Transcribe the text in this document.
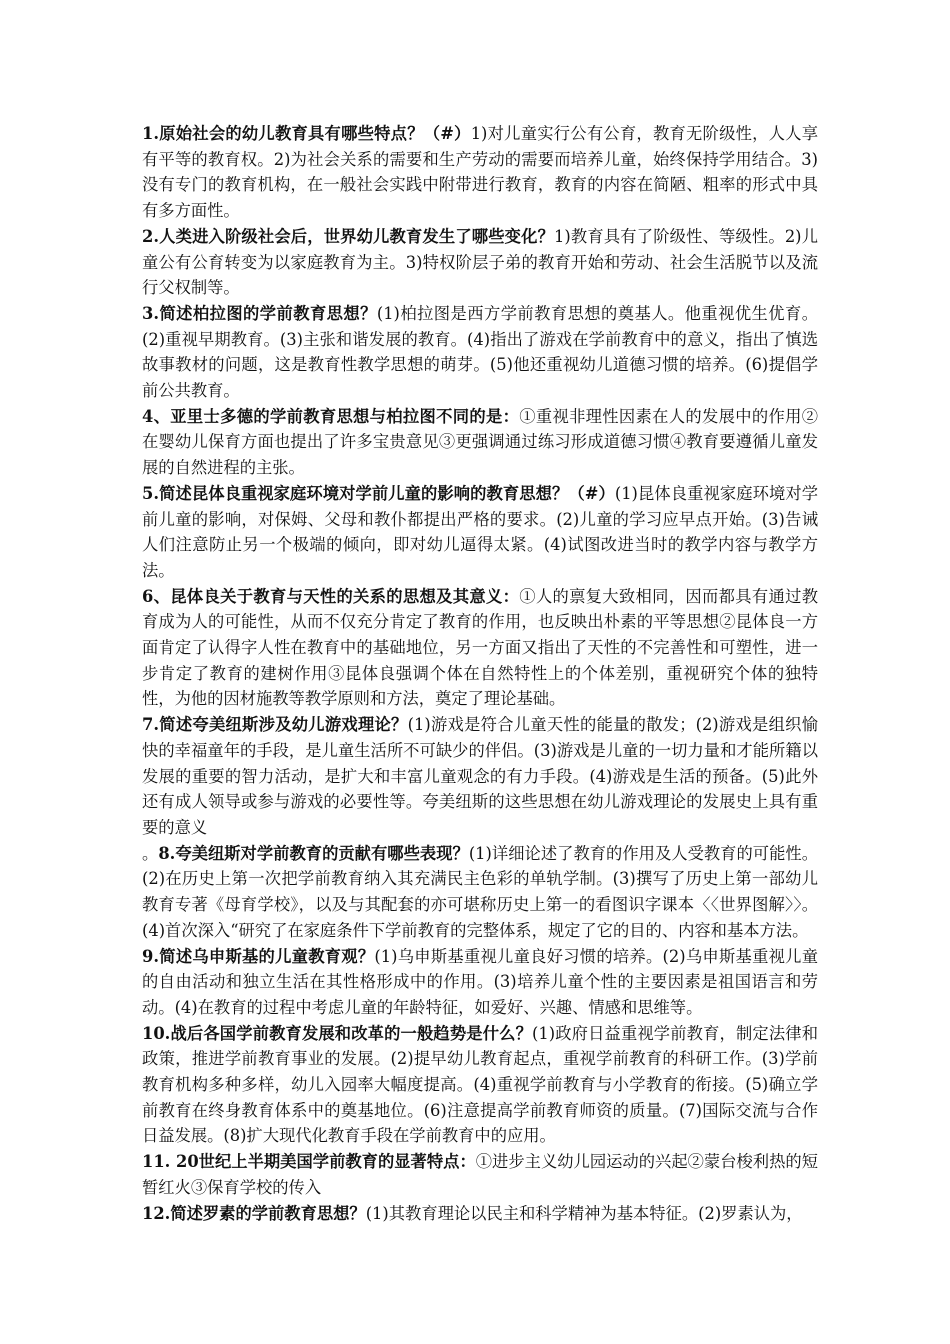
1.原始社会的幼儿教育具有哪些特点？（#）1)对儿童实行公有公育，教育无阶级性，人人享有平等的教育权。2)为社会关系的需要和生产劳动的需要而培养儿童，始终保持学用结合。3)没有专门的教育机构，在一般社会实践中附带进行教育，教育的内容在简陋、粗率的形式中具有多方面性。

2.人类进入阶级社会后，世界幼儿教育发生了哪些变化？1)教育具有了阶级性、等级性。2)儿童公有公育转变为以家庭教育为主。3)特权阶层子弟的教育开始和劳动、社会生活脱节以及流行父权制等。

3.简述柏拉图的学前教育思想？(1)柏拉图是西方学前教育思想的奠基人。他重视优生优育。(2)重视早期教育。(3)主张和谐发展的教育。(4)指出了游戏在学前教育中的意义，指出了慎选故事教材的问题，这是教育性教学思想的萌芽。(5)他还重视幼儿道德习惯的培养。(6)提倡学前公共教育。

4、亚里士多德的学前教育思想与柏拉图不同的是：①重视非理性因素在人的发展中的作用②在婴幼儿保育方面也提出了许多宝贵意见③更强调通过练习形成道德习惯④教育要遵循儿童发展的自然进程的主张。

5.简述昆体良重视家庭环境对学前儿童的影响的教育思想？（#）(1)昆体良重视家庭环境对学前儿童的影响，对保姆、父母和教仆都提出严格的要求。(2)儿童的学习应早点开始。(3)告诫人们注意防止另一个极端的倾向，即对幼儿逼得太紧。(4)试图改进当时的教学内容与教学方法。

6、昆体良关于教育与天性的关系的思想及其意义：①人的禀复大致相同，因而都具有通过教育成为人的可能性，从而不仅充分肯定了教育的作用，也反映出朴素的平等思想②昆体良一方面肯定了认得字人性在教育中的基础地位，另一方面又指出了天性的不完善性和可塑性，进一步肯定了教育的建树作用③昆体良强调个体在自然特性上的个体差别，重视研究个体的独特性，为他的因材施教等教学原则和方法，奠定了理论基础。

7.简述夸美纽斯涉及幼儿游戏理论？(1)游戏是符合儿童天性的能量的散发；(2)游戏是组织愉快的幸福童年的手段，是儿童生活所不可缺少的伴侣。(3)游戏是儿童的一切力量和才能所籍以发展的重要的智力活动，是扩大和丰富儿童观念的有力手段。(4)游戏是生活的预备。(5)此外还有成人领导或参与游戏的必要性等。夸美纽斯的这些思想在幼儿游戏理论的发展史上具有重要的意义

。8.夸美纽斯对学前教育的贡献有哪些表现？(1)详细论述了教育的作用及人受教育的可能性。(2)在历史上第一次把学前教育纳入其充满民主色彩的单轨学制。(3)撰写了历史上第一部幼儿教育专著《母育学校》，以及与其配套的亦可堪称历史上第一的看图识字课本〈〈世界图解〉〉。(4)首次深入“研究了在家庭条件下学前教育的完整体系，规定了它的目的、内容和基本方法。

9.简述乌申斯基的儿童教育观？(1)乌申斯基重视儿童良好习惯的培养。(2)乌申斯基重视儿童的自由活动和独立生活在其性格形成中的作用。(3)培养儿童个性的主要因素是祖国语言和劳动。(4)在教育的过程中考虑儿童的年龄特征，如爱好、兴趣、情感和思维等。

10.战后各国学前教育发展和改革的一般趋势是什么？(1)政府日益重视学前教育，制定法律和政策，推进学前教育事业的发展。(2)提早幼儿教育起点，重视学前教育的科研工作。(3)学前教育机构多种多样，幼儿入园率大幅度提高。(4)重视学前教育与小学教育的衔接。(5)确立学前教育在终身教育体系中的奠基地位。(6)注意提高学前教育师资的质量。(7)国际交流与合作日益发展。(8)扩大现代化教育手段在学前教育中的应用。

11. 20世纪上半期美国学前教育的显著特点：①进步主义幼儿园运动的兴起②蒙台梭利热的短暂红火③保育学校的传入

12.简述罗素的学前教育思想？(1)其教育理论以民主和科学精神为基本特征。(2)罗素认为，
